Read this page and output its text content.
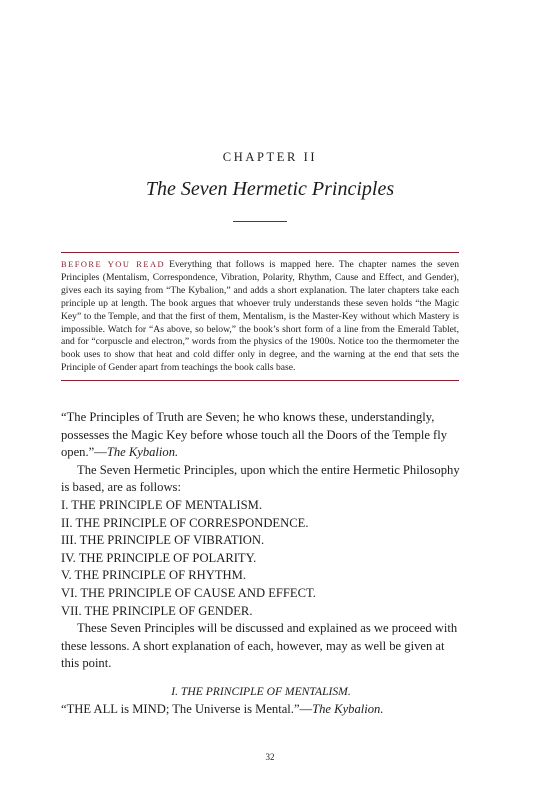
CHAPTER II
The Seven Hermetic Principles
BEFORE YOU READ Everything that follows is mapped here. The chapter names the seven Principles (Mentalism, Correspondence, Vibration, Polarity, Rhythm, Cause and Effect, and Gender), gives each its saying from “The Kybalion,” and adds a short explanation. The later chapters take each principle up at length. The book argues that whoever truly understands these seven holds “the Magic Key” to the Temple, and that the first of them, Mentalism, is the Master-Key without which Mastery is impossible. Watch for “As above, so below,” the book’s short form of a line from the Emerald Tablet, and for “corpuscle and electron,” words from the physics of the 1900s. Notice too the thermometer the book uses to show that heat and cold differ only in degree, and the warning at the end that sets the Principle of Gender apart from teachings the book calls base.

“The Principles of Truth are Seven; he who knows these, understandingly, possesses the Magic Key before whose touch all the Doors of the Temple fly open.”—The Kybalion.

The Seven Hermetic Principles, upon which the entire Hermetic Philosophy is based, are as follows:

I. THE PRINCIPLE OF MENTALISM.

II. THE PRINCIPLE OF CORRESPONDENCE.

III. THE PRINCIPLE OF VIBRATION.

IV. THE PRINCIPLE OF POLARITY.

V. THE PRINCIPLE OF RHYTHM.

VI. THE PRINCIPLE OF CAUSE AND EFFECT.

VII. THE PRINCIPLE OF GENDER.

These Seven Principles will be discussed and explained as we proceed with these lessons. A short explanation of each, however, may as well be given at this point.

I. THE PRINCIPLE OF MENTALISM.

“THE ALL is MIND; The Universe is Mental.”—The Kybalion.

32
